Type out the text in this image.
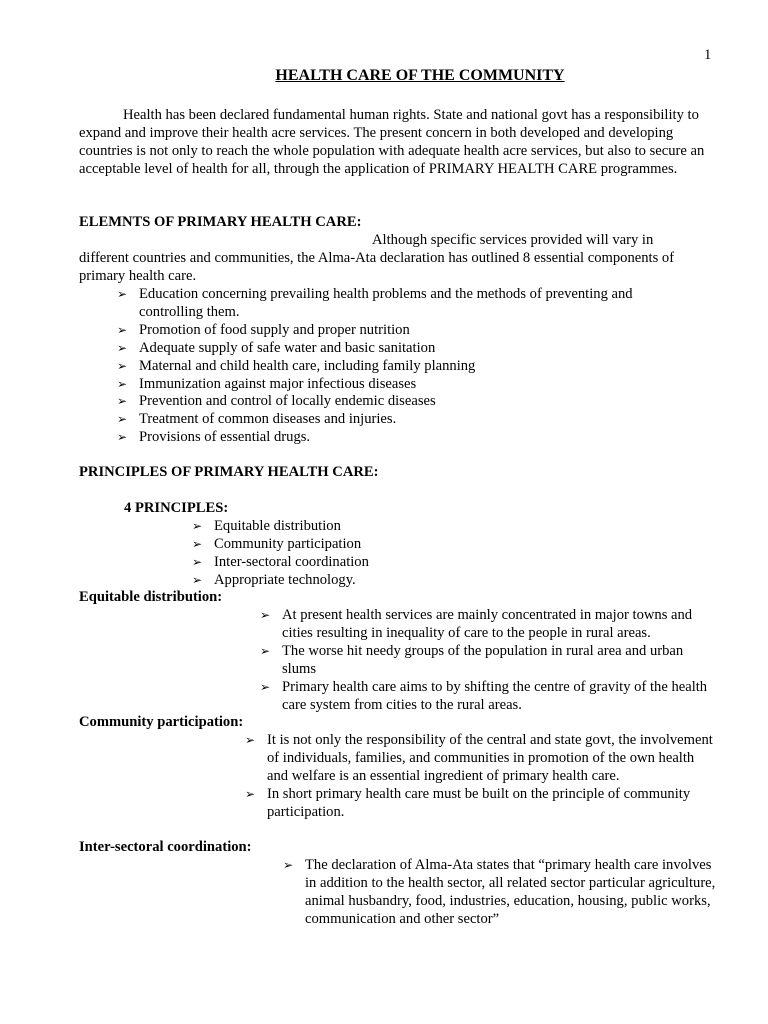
1
HEALTH CARE OF THE COMMUNITY

Health has been declared fundamental human rights. State and national govt has a responsibility to expand and improve their health acre services. The present concern in both developed and developing countries is not only to reach the whole population with adequate health acre services, but also to secure an acceptable level of health for all, through the application of PRIMARY HEALTH CARE programmes.

ELEMNTS OF PRIMARY HEALTH CARE:

Although specific services provided will vary in

different countries and communities, the Alma-Ata declaration has outlined 8 essential components of primary health care.

➢ Education concerning prevailing health problems and the methods of preventing and controlling them.
➢ Promotion of food supply and proper nutrition
➢ Adequate supply of safe water and basic sanitation
➢ Maternal and child health care, including family planning
➢ Immunization against major infectious diseases
➢ Prevention and control of locally endemic diseases
➢ Treatment of common diseases and injuries.
➢ Provisions of essential drugs.

PRINCIPLES OF PRIMARY HEALTH CARE:

4 PRINCIPLES:

➢ Equitable distribution
➢ Community participation
➢ Inter-sectoral coordination
➢ Appropriate technology.

Equitable distribution:

➢ At present health services are mainly concentrated in major towns and cities resulting in inequality of care to the people in rural areas.
➢ The worse hit needy groups of the population in rural area and urban slums
➢ Primary health care aims to by shifting the centre of gravity of the health care system from cities to the rural areas.

Community participation:

➢ It is not only the responsibility of the central and state govt, the involvement of individuals, families, and communities in promotion of the own health and welfare is an essential ingredient of primary health care.
➢ In short primary health care must be built on the principle of community participation.

Inter-sectoral coordination:

➢ The declaration of Alma-Ata states that “primary health care involves in addition to the health sector, all related sector particular agriculture, animal husbandry, food, industries, education, housing, public works, communication and other sector”
